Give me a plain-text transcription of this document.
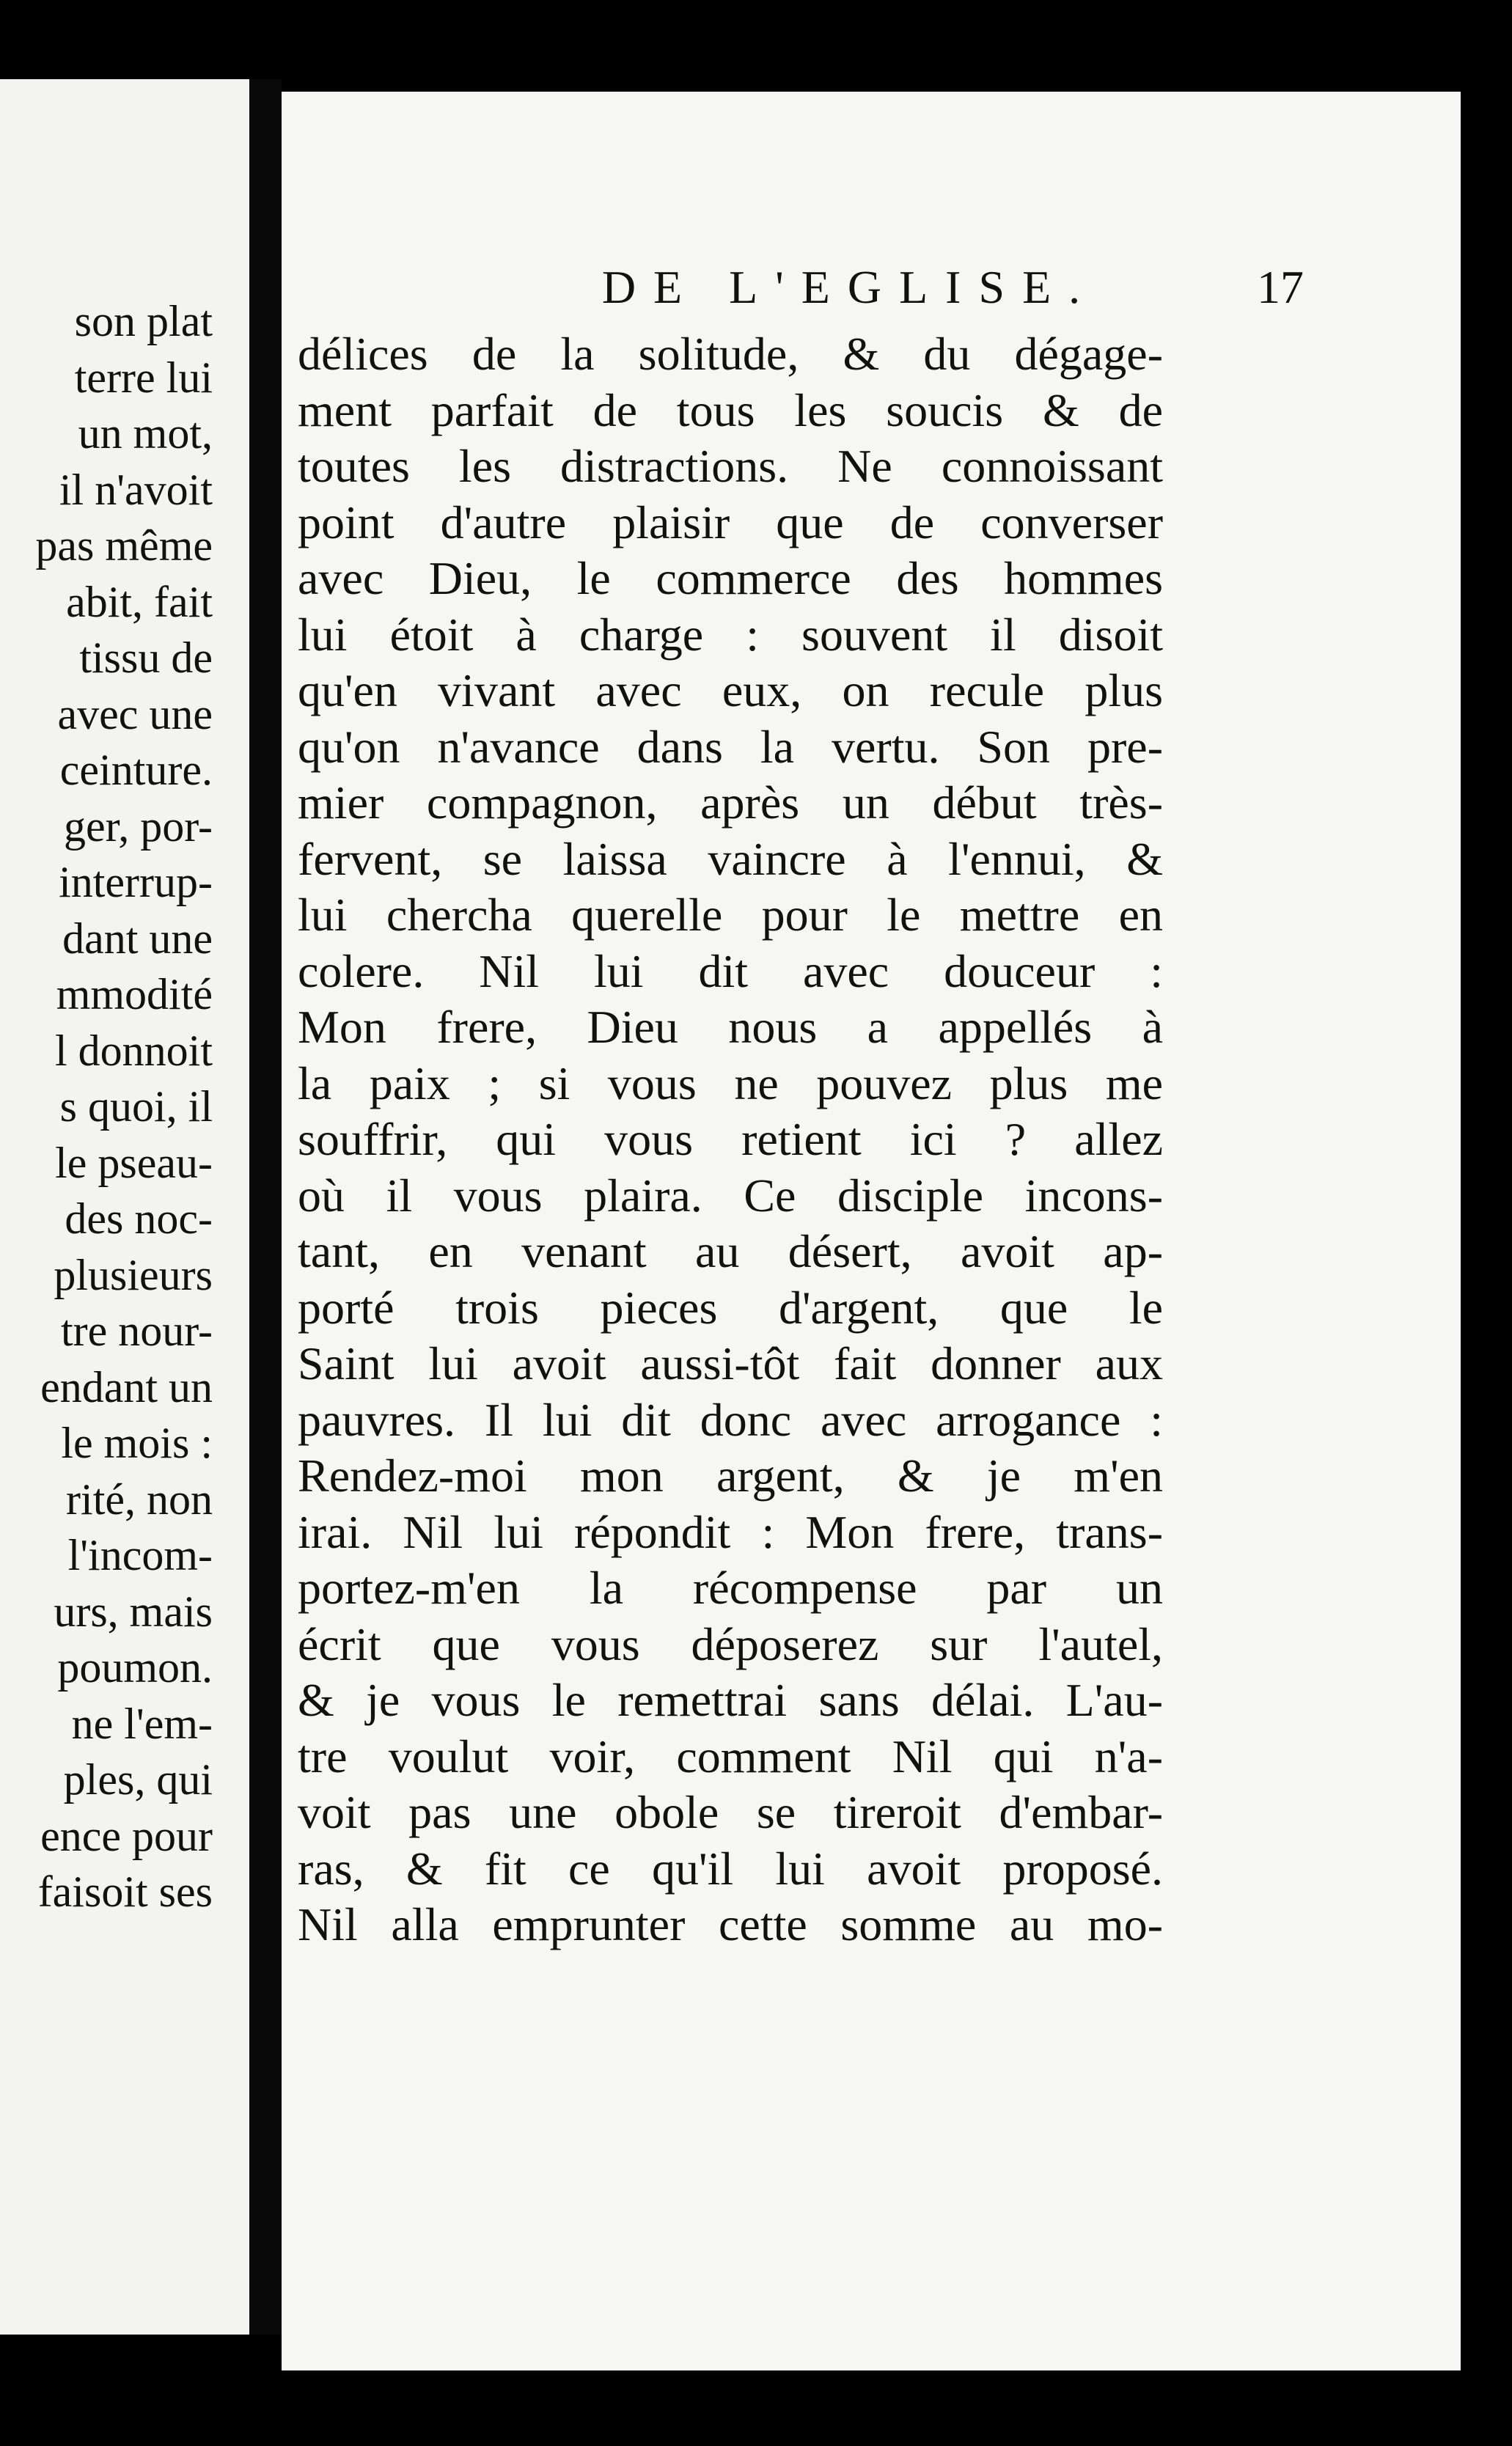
son plat
terre lui
un mot,
il n'avoit
pas même
abit, fait
tissu de
avec une
ceinture.
ger, por-
interrup-
dant une
mmodité
l donnoit
s quoi, il
le pseau-
des noc-
plusieurs
tre nour-
endant un
le mois :
rité, non
l'incom-
urs, mais
poumon.
ne l'em-
ples, qui
ence pour
faisoit ses
DE L'EGLISE.	17
délices de la solitude, & du dégage-
ment parfait de tous les soucis & de
toutes les distractions. Ne connoissant
point d'autre plaisir que de converser
avec Dieu, le commerce des hommes
lui étoit à charge : souvent il disoit
qu'en vivant avec eux, on recule plus
qu'on n'avance dans la vertu. Son pre-
mier compagnon, après un début très-
fervent, se laissa vaincre à l'ennui, &
lui chercha querelle pour le mettre en
colere. Nil lui dit avec douceur :
Mon frere, Dieu nous a appellés à
la paix ; si vous ne pouvez plus me
souffrir, qui vous retient ici ? allez
où il vous plaira. Ce disciple incons-
tant, en venant au désert, avoit ap-
porté trois pieces d'argent, que le
Saint lui avoit aussi-tôt fait donner aux
pauvres. Il lui dit donc avec arrogance :
Rendez-moi mon argent, & je m'en
irai. Nil lui répondit : Mon frere, trans-
portez-m'en la récompense par un
écrit que vous déposerez sur l'autel,
& je vous le remettrai sans délai. L'au-
tre voulut voir, comment Nil qui n'a-
voit pas une obole se tireroit d'embar-
ras, & fit ce qu'il lui avoit proposé.
Nil alla emprunter cette somme au mo-
